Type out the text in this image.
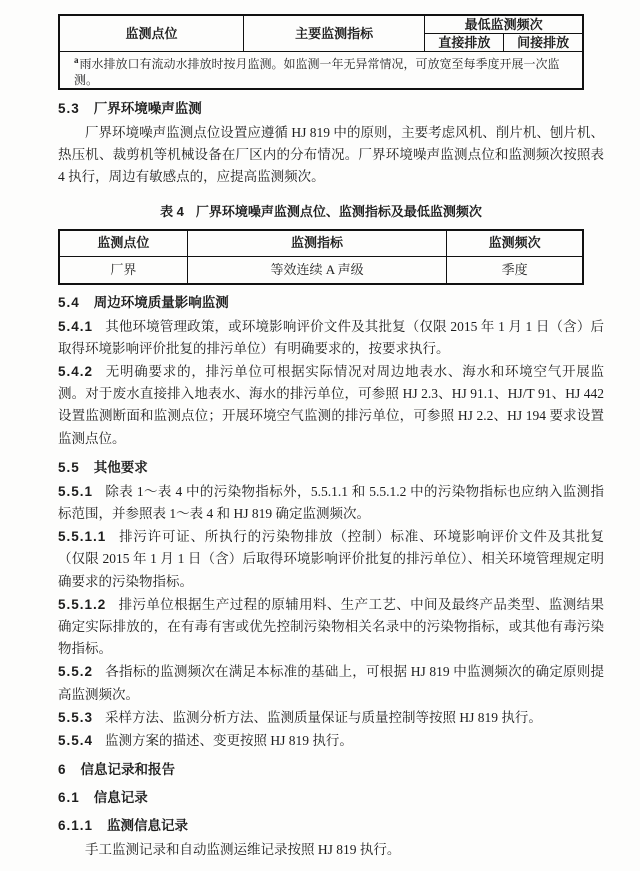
监测点位	主要监测指标	最低监测频次	
		直接排放	间接排放
$^a$雨水排放口有流动水排放时按月监测。如监测一年无异常情况，可放宽至每季度开展一次监测。			
5.3 厂界环境噪声监测

厂界环境噪声监测点位设置应遵循 HJ 819 中的原则，主要考虑风机、削片机、刨片机、热压机、裁剪机等机械设备在厂区内的分布情况。厂界环境噪声监测点位和监测频次按照表 4 执行，周边有敏感点的，应提高监测频次。

表 4 厂界环境噪声监测点位、监测指标及最低监测频次
监测点位	监测指标	监测频次
厂界	等效连续 A 声级	季度
5.4 周边环境质量影响监测

5.4.1 其他环境管理政策，或环境影响评价文件及其批复（仅限 2015 年 1 月 1 日（含）后取得环境影响评价批复的排污单位）有明确要求的，按要求执行。

5.4.2 无明确要求的，排污单位可根据实际情况对周边地表水、海水和环境空气开展监测。对于废水直接排入地表水、海水的排污单位，可参照 HJ 2.3、HJ 91.1、HJ/T 91、HJ 442 设置监测断面和监测点位；开展环境空气监测的排污单位，可参照 HJ 2.2、HJ 194 要求设置监测点位。

5.5 其他要求

5.5.1 除表 1～表 4 中的污染物指标外，5.5.1.1 和 5.5.1.2 中的污染物指标也应纳入监测指标范围，并参照表 1～表 4 和 HJ 819 确定监测频次。

5.5.1.1 排污许可证、所执行的污染物排放（控制）标准、环境影响评价文件及其批复（仅限 2015 年 1 月 1 日（含）后取得环境影响评价批复的排污单位）、相关环境管理规定明确要求的污染物指标。

5.5.1.2 排污单位根据生产过程的原辅用料、生产工艺、中间及最终产品类型、监测结果确定实际排放的，在有毒有害或优先控制污染物相关名录中的污染物指标，或其他有毒污染物指标。

5.5.2 各指标的监测频次在满足本标准的基础上，可根据 HJ 819 中监测频次的确定原则提高监测频次。

5.5.3 采样方法、监测分析方法、监测质量保证与质量控制等按照 HJ 819 执行。

5.5.4 监测方案的描述、变更按照 HJ 819 执行。

6 信息记录和报告
6.1 信息记录
6.1.1 监测信息记录

手工监测记录和自动监测运维记录按照 HJ 819 执行。
